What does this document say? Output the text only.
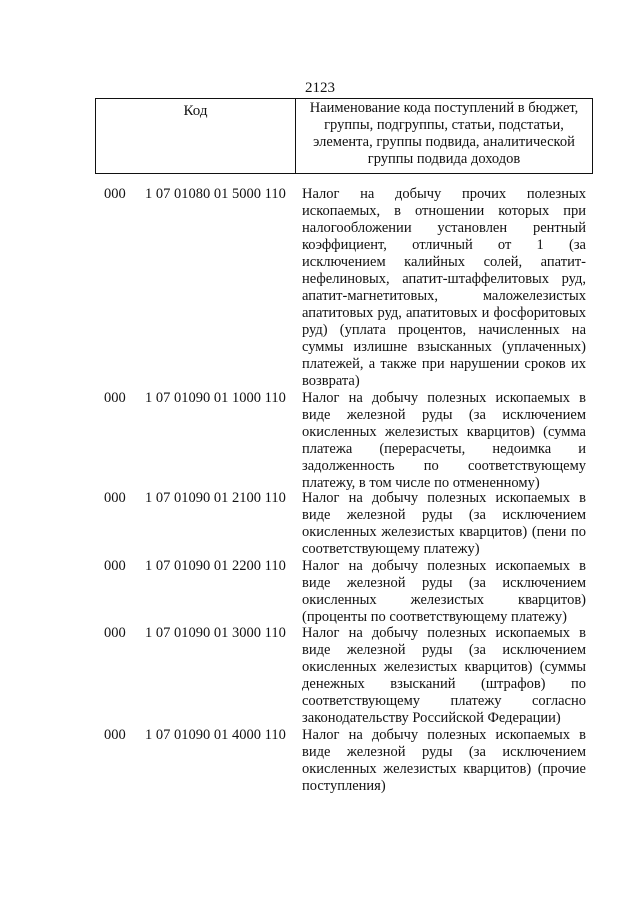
2123
Код	Наименование кода поступлений в бюджет, группы, подгруппы, статьи, подстатьи, элемента, группы подвида, аналитической группы подвида доходов
000 1 07 01080 01 5000 110 Налог на добычу прочих полезных ископаемых, в отношении которых при налогообложении установлен рентный коэффициент, отличный от 1 (за исключением калийных солей, апатит-нефелиновых, апатит-штаффелитовых руд, апатит-магнетитовых, маложелезистых апатитовых руд, апатитовых и фосфоритовых руд) (уплата процентов, начисленных на суммы излишне взысканных (уплаченных) платежей, а также при нарушении сроков их возврата)
000 1 07 01090 01 1000 110 Налог на добычу полезных ископаемых в виде железной руды (за исключением окисленных железистых кварцитов) (сумма платежа (перерасчеты, недоимка и задолженность по соответствующему платежу, в том числе по отмененному)
000 1 07 01090 01 2100 110 Налог на добычу полезных ископаемых в виде железной руды (за исключением окисленных железистых кварцитов) (пени по соответствующему платежу)
000 1 07 01090 01 2200 110 Налог на добычу полезных ископаемых в виде железной руды (за исключением окисленных железистых кварцитов) (проценты по соответствующему платежу)
000 1 07 01090 01 3000 110 Налог на добычу полезных ископаемых в виде железной руды (за исключением окисленных железистых кварцитов) (суммы денежных взысканий (штрафов) по соответствующему платежу согласно законодательству Российской Федерации)
000 1 07 01090 01 4000 110 Налог на добычу полезных ископаемых в виде железной руды (за исключением окисленных железистых кварцитов) (прочие поступления)
